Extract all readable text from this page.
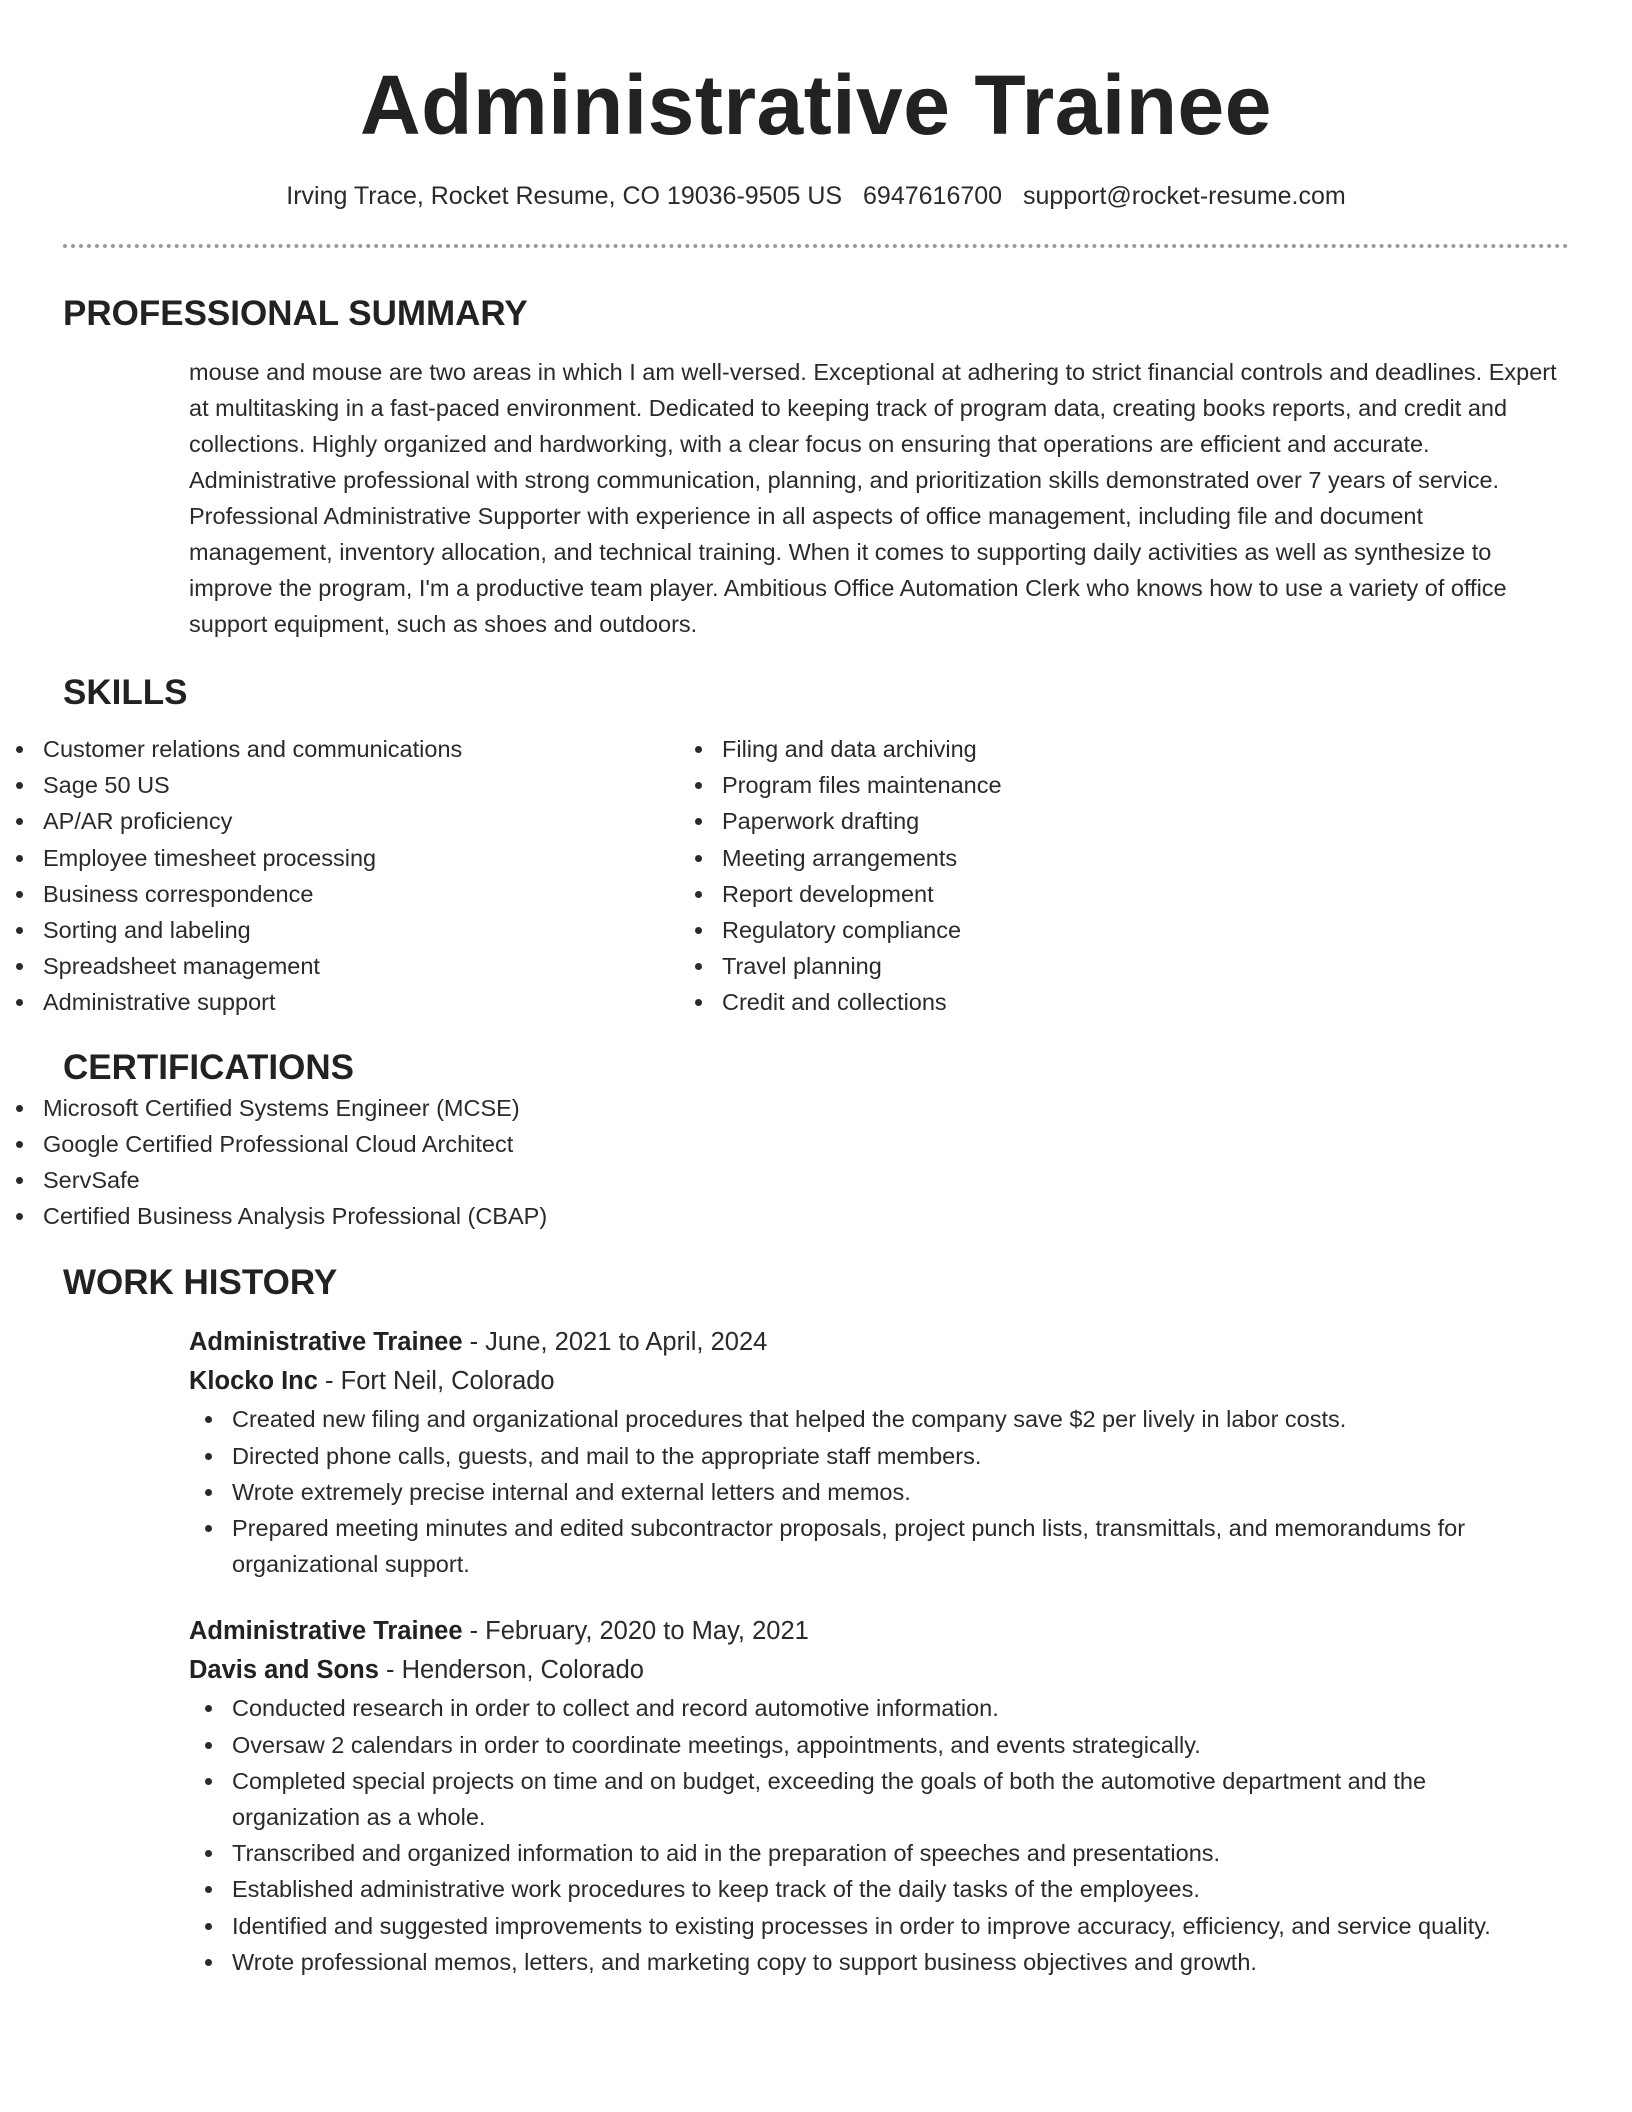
Administrative Trainee
Irving Trace, Rocket Resume, CO 19036-9505 US 6947616700 support@rocket-resume.com
PROFESSIONAL SUMMARY

mouse and mouse are two areas in which I am well-versed. Exceptional at adhering to strict financial controls and deadlines. Expert at multitasking in a fast-paced environment. Dedicated to keeping track of program data, creating books reports, and credit and collections. Highly organized and hardworking, with a clear focus on ensuring that operations are efficient and accurate. Administrative professional with strong communication, planning, and prioritization skills demonstrated over 7 years of service. Professional Administrative Supporter with experience in all aspects of office management, including file and document management, inventory allocation, and technical training. When it comes to supporting daily activities as well as synthesize to improve the program, I'm a productive team player. Ambitious Office Automation Clerk who knows how to use a variety of office support equipment, such as shoes and outdoors.

SKILLS
Customer relations and communications
Sage 50 US
AP/AR proficiency
Employee timesheet processing
Business correspondence
Sorting and labeling
Spreadsheet management
Administrative support
Filing and data archiving
Program files maintenance
Paperwork drafting
Meeting arrangements
Report development
Regulatory compliance
Travel planning
Credit and collections
CERTIFICATIONS
Microsoft Certified Systems Engineer (MCSE)
Google Certified Professional Cloud Architect
ServSafe
Certified Business Analysis Professional (CBAP)
WORK HISTORY
Administrative Trainee - June, 2021 to April, 2024
Klocko Inc - Fort Neil, Colorado
Created new filing and organizational procedures that helped the company save $2 per lively in labor costs.
Directed phone calls, guests, and mail to the appropriate staff members.
Wrote extremely precise internal and external letters and memos.
Prepared meeting minutes and edited subcontractor proposals, project punch lists, transmittals, and memorandums for organizational support.
Administrative Trainee - February, 2020 to May, 2021
Davis and Sons - Henderson, Colorado
Conducted research in order to collect and record automotive information.
Oversaw 2 calendars in order to coordinate meetings, appointments, and events strategically.
Completed special projects on time and on budget, exceeding the goals of both the automotive department and the organization as a whole.
Transcribed and organized information to aid in the preparation of speeches and presentations.
Established administrative work procedures to keep track of the daily tasks of the employees.
Identified and suggested improvements to existing processes in order to improve accuracy, efficiency, and service quality.
Wrote professional memos, letters, and marketing copy to support business objectives and growth.
